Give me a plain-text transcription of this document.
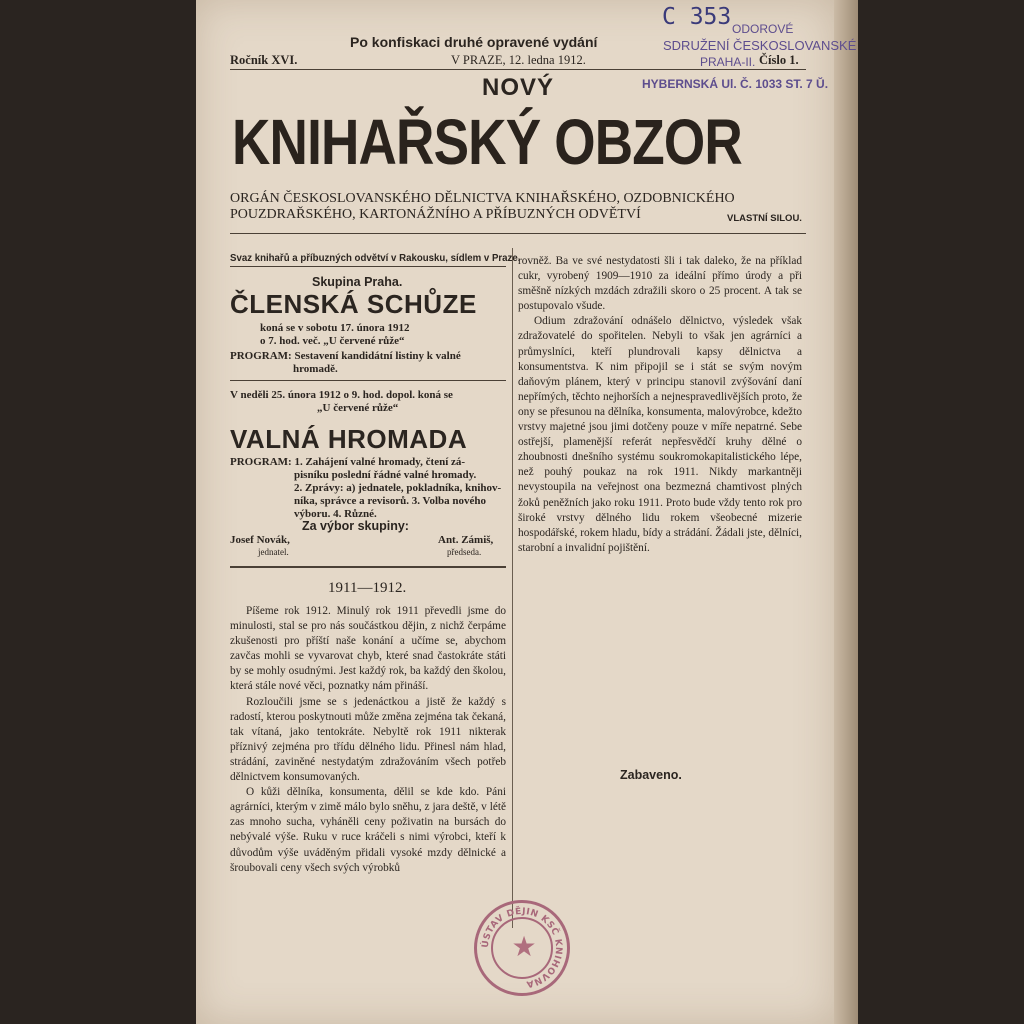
Po konfiskaci druhé opravené vydání
Ročník XVI.	V PRAZE, 12. ledna 1912.	Číslo 1.
NOVÝ
KNIHAŘSKÝ OBZOR
ORGÁN ČESKOSLOVANSKÉHO DĚLNICTVA KNIHAŘSKÉHO, OZDOBNICKÉHO
POUZDRAŘSKÉHO, KARTONÁŽNÍHO A PŘÍBUZNÝCH ODVĚTVÍ	VLASTNÍ SILOU.
C 353 ODOROVÉ
SDRUŽENÍ ČESKOSLOVANSKÉ
PRAHA-II.
HYBERNSKÁ Ul. Č. 1033 ST. 7 Ŭ.
Svaz knihařů a příbuzných odvětví v Rakousku, sídlem v Praze.
Skupina Praha.
ČLENSKÁ SCHŮZE
koná se v sobotu 17. února 1912
o 7. hod. več. „U červené růže“
PROGRAM: Sestavení kandidátní listiny k valné
hromadě.
V neděli 25. února 1912 o 9. hod. dopol. koná se
„U červené růže“
VALNÁ HROMADA
PROGRAM: 1. Zahájení valné hromady, čtení zá-
pisníku poslední řádné valné hromady.
2. Zprávy: a) jednatele, pokladníka, knihov-
níka, správce a revisorů. 3. Volba nového
výboru. 4. Různé.
Za výbor skupiny:
Josef Novák,
jednatel.
Ant. Zámiš,
předseda.
1911—1912.

Píšeme rok 1912. Minulý rok 1911 převedli jsme do minulosti, stal se pro nás součástkou dějin, z nichž čerpáme zkušenosti pro příští naše konání a učíme se, abychom zavčas mohli se vyvarovat chyb, které snad častokráte státi by se mohly osudnými. Jest každý rok, ba každý den školou, která stále nové věci, poznatky nám přináší.

Rozloučili jsme se s jedenáctkou a jistě že každý s radostí, kterou poskytnouti může změna zejména tak čekaná, tak vítaná, jako tentokráte. Nebyltě rok 1911 nikterak příznivý zejména pro třídu dělného lidu. Přinesl nám hlad, strádání, zaviněné nestydatým zdražováním všech potřeb dělnictvem konsumovaných.

O kůži dělníka, konsumenta, dělil se kde kdo. Páni agrárníci, kterým v zimě málo bylo sněhu, z jara deště, v létě zas mnoho sucha, vyháněli ceny poživatin na bursách do nebývalé výše. Ruku v ruce kráčeli s nimi výrobci, kteří k důvodům výše uváděným přidali vysoké mzdy dělnické a šroubovali ceny všech svých výrobků

rovněž. Ba ve své nestydatosti šli i tak daleko, že na příklad cukr, vyrobený 1909—1910 za ideální přímo úrody a při směšně nízkých mzdách zdražili skoro o 25 procent. A tak se postupovalo všude.

Odium zdražování odnášelo dělnictvo, výsledek však zdražovatelé do spořitelen. Nebyli to však jen agrárníci a průmyslníci, kteří plundrovali kapsy dělnictva a konsumentstva. K nim připojil se i stát se svým novým daňovým plánem, který v principu stanovil zvýšování daní nepřímých, těchto nejhorších a nejnespravedlivějších proto, že ony se přesunou na dělníka, konsumenta, malovýrobce, kdežto vrstvy majetné jsou jimi dotčeny pouze v míře nepatrné. Sebe ostřejší, plamenější referát nepřesvědčí kruhy dělné o zhoubnosti dnešního systému soukromokapitalistického lépe, než pouhý poukaz na rok 1911. Nikdy markantněji nevystoupila na veřejnost ona bezmezná chamtivost plných žoků peněžních jako roku 1911. Proto bude vždy tento rok pro široké vrstvy dělného lidu rokem všeobecné mizerie hospodářské, rokem hladu, bídy a strádání. Žádali jste, dělníci, starobní a invalidní pojištění.

Zabaveno.
ÚSTAV DĚJIN KSČ KNIHOVNA
★
